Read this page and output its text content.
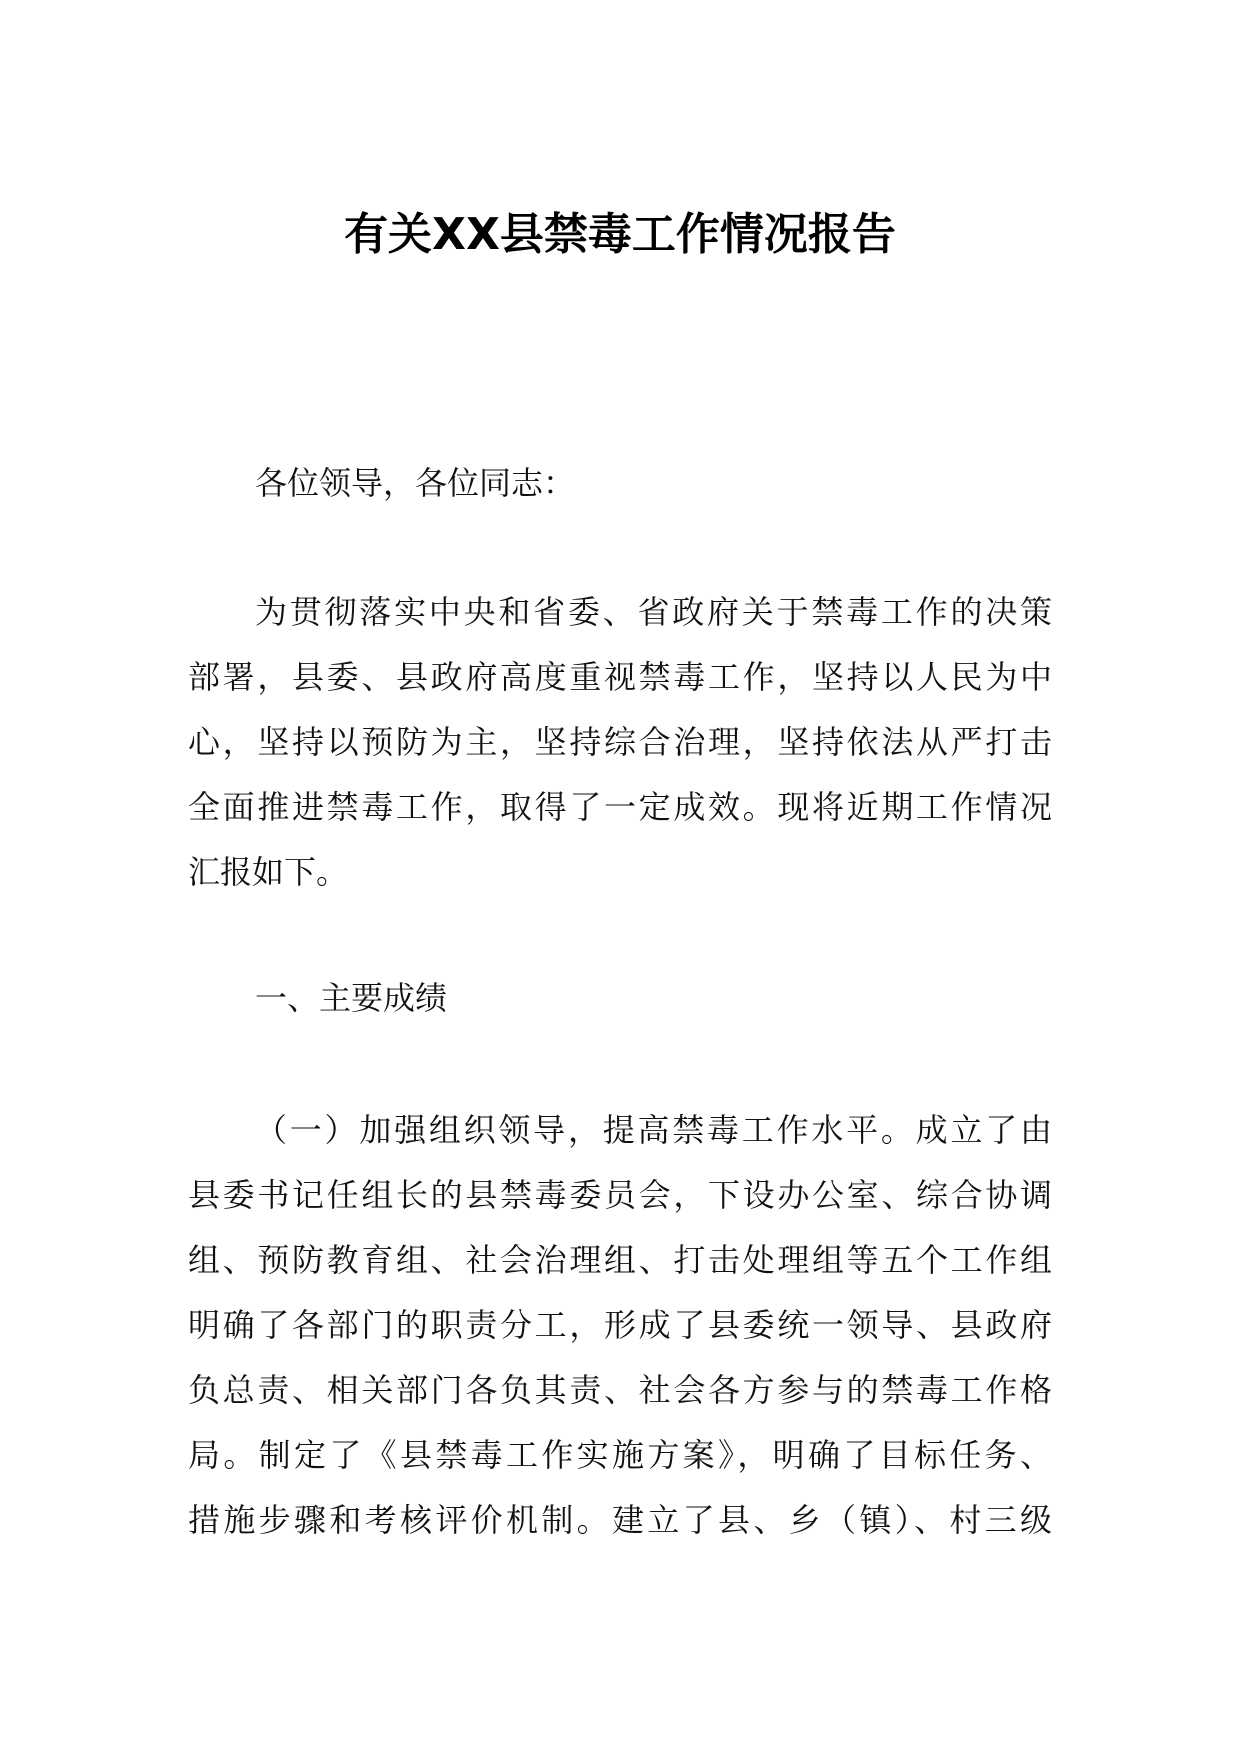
有关XX县禁毒工作情况报告
各位领导，各位同志：
为贯彻落实中央和省委、省政府关于禁毒工作的决策
部署，县委、县政府高度重视禁毒工作，坚持以人民为中
心，坚持以预防为主，坚持综合治理，坚持依法从严打击
全面推进禁毒工作，取得了一定成效。现将近期工作情况
汇报如下。
一、主要成绩
（一）加强组织领导，提高禁毒工作水平。成立了由
县委书记任组长的县禁毒委员会，下设办公室、综合协调
组、预防教育组、社会治理组、打击处理组等五个工作组
明确了各部门的职责分工，形成了县委统一领导、县政府
负总责、相关部门各负其责、社会各方参与的禁毒工作格
局。制定了《县禁毒工作实施方案》，明确了目标任务、
措施步骤和考核评价机制。建立了县、乡（镇）、村三级
